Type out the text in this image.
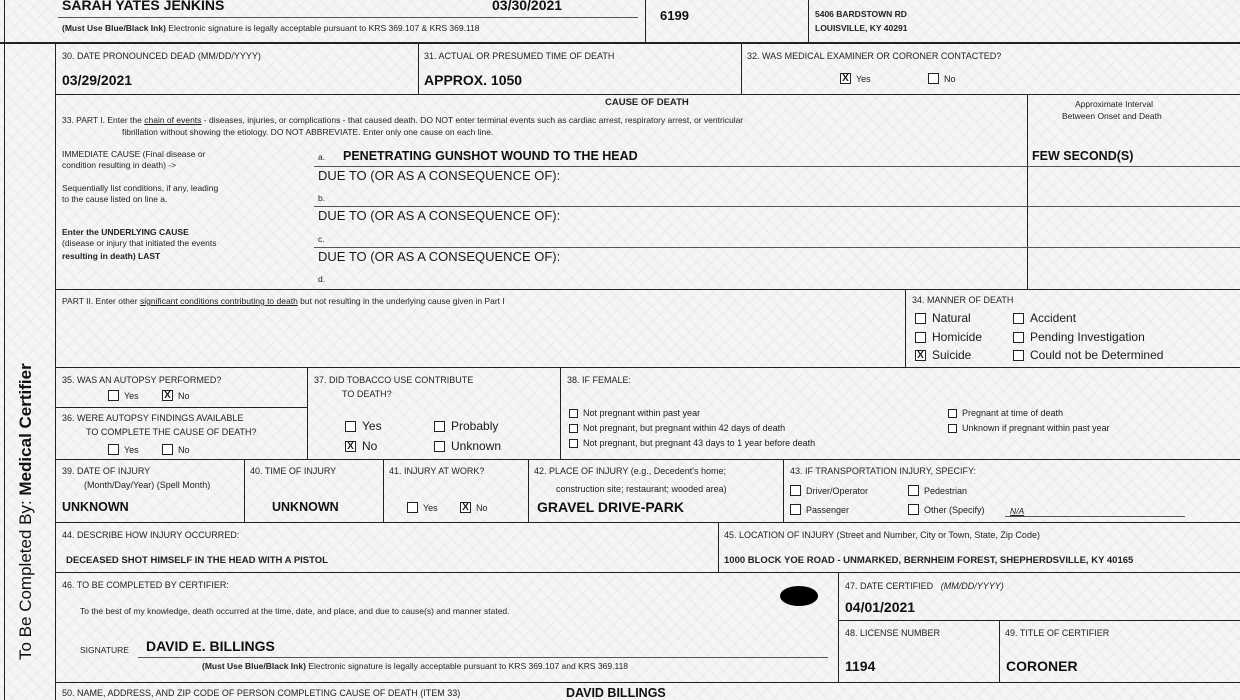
SARAH YATES JENKINS	03/30/2021
(Must Use Blue/Black Ink) Electronic signature is legally acceptable pursuant to KRS 369.107 & KRS 369.118
6199	5406 BARDSTOWN RD
LOUISVILLE, KY 40291
To Be Completed By: Medical Certifier
30. DATE PRONOUNCED DEAD (MM/DD/YYYY)
03/29/2021
31. ACTUAL OR PRESUMED TIME OF DEATH
APPROX. 1050
32. WAS MEDICAL EXAMINER OR CORONER CONTACTED?
X Yes	No
CAUSE OF DEATH	Approximate Interval
Between Onset and Death
33. PART I. Enter the chain of events - diseases, injuries, or complications - that caused death. DO NOT enter terminal events such as cardiac arrest, respiratory arrest, or ventricular
fibrillation without showing the etiology. DO NOT ABBREVIATE. Enter only one cause on each line.
IMMEDIATE CAUSE (Final disease or
condition resulting in death) ->
Sequentially list conditions, if any, leading
to the cause listed on line a.
Enter the UNDERLYING CAUSE
(disease or injury that initiated the events
resulting in death) LAST
a. PENETRATING GUNSHOT WOUND TO THE HEAD	FEW SECOND(S)
DUE TO (OR AS A CONSEQUENCE OF):
b.
DUE TO (OR AS A CONSEQUENCE OF):
c.
DUE TO (OR AS A CONSEQUENCE OF):
d.
PART II. Enter other significant conditions contributing to death but not resulting in the underlying cause given in Part I	34. MANNER OF DEATH
Natural	Accident
Homicide	Pending Investigation
X Suicide	Could not be Determined
35. WAS AN AUTOPSY PERFORMED?
Yes	X No
36. WERE AUTOPSY FINDINGS AVAILABLE
TO COMPLETE THE CAUSE OF DEATH?
Yes	No
37. DID TOBACCO USE CONTRIBUTE
TO DEATH?
Yes	Probably
X No	Unknown
38. IF FEMALE:
Not pregnant within past year
Not pregnant, but pregnant within 42 days of death
Not pregnant, but pregnant 43 days to 1 year before death
Pregnant at time of death
Unknown if pregnant within past year
39. DATE OF INJURY
(Month/Day/Year) (Spell Month)
UNKNOWN
40. TIME OF INJURY
UNKNOWN
41. INJURY AT WORK?
Yes X No
42. PLACE OF INJURY (e.g., Decedent's home;
construction site; restaurant; wooded area)
GRAVEL DRIVE-PARK
43. IF TRANSPORTATION INJURY, SPECIFY:
Driver/Operator	Pedestrian
Passenger	Other (Specify)	N/A
44. DESCRIBE HOW INJURY OCCURRED:
DECEASED SHOT HIMSELF IN THE HEAD WITH A PISTOL
45. LOCATION OF INJURY (Street and Number, City or Town, State, Zip Code)
1000 BLOCK YOE ROAD - UNMARKED, BERNHEIM FOREST, SHEPHERDSVILLE, KY 40165
46. TO BE COMPLETED BY CERTIFIER:
To the best of my knowledge, death occurred at the time, date, and place, and due to cause(s) and manner stated.
SIGNATURE DAVID E. BILLINGS
(Must Use Blue/Black Ink) Electronic signature is legally acceptable pursuant to KRS 369.107 and KRS 369.118
47. DATE CERTIFIED (MM/DD/YYYY)
04/01/2021
48. LICENSE NUMBER
1194
49. TITLE OF CERTIFIER
CORONER
50. NAME, ADDRESS, AND ZIP CODE OF PERSON COMPLETING CAUSE OF DEATH (ITEM 33)	DAVID BILLINGS
